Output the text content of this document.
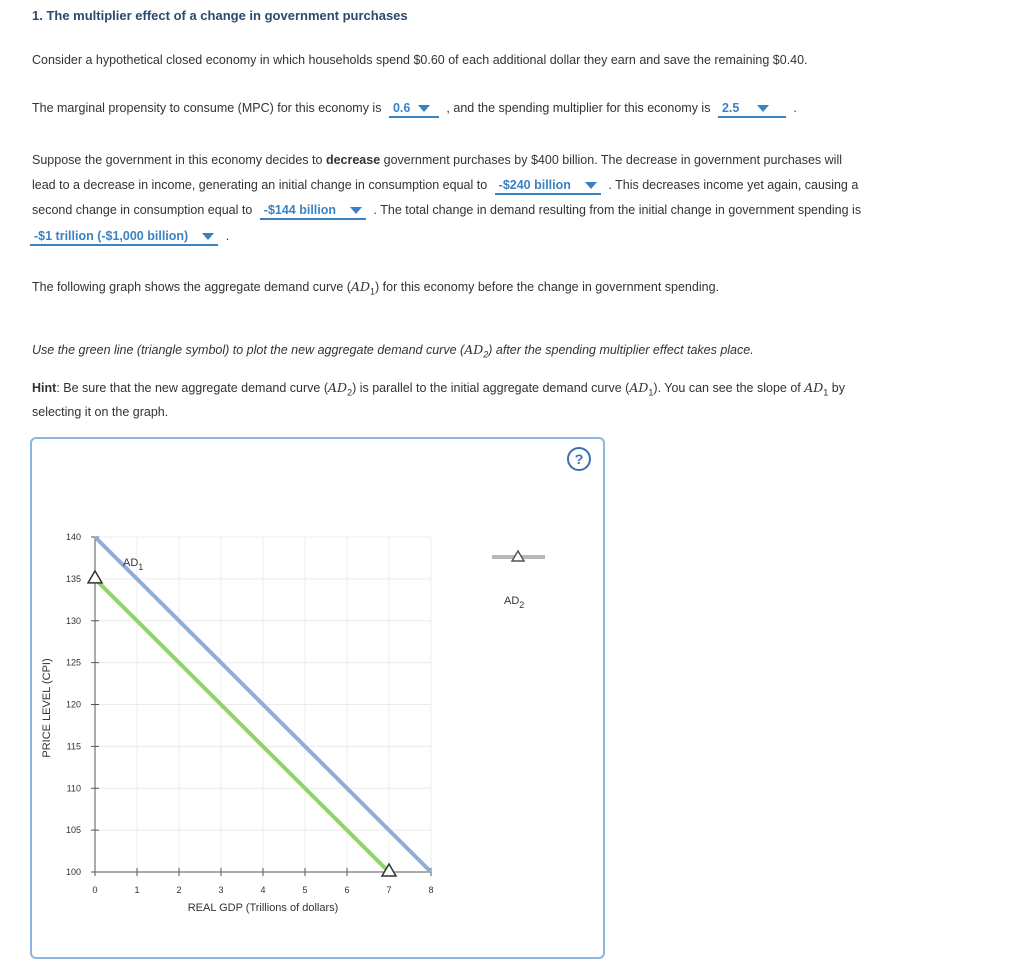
1. The multiplier effect of a change in government purchases
Consider a hypothetical closed economy in which households spend $0.60 of each additional dollar they earn and save the remaining $0.40.
The marginal propensity to consume (MPC) for this economy is 0.6	, and the spending multiplier for this economy is 2.5	.
Suppose the government in this economy decides to decrease government purchases by $400 billion. The decrease in government purchases will
lead to a decrease in income, generating an initial change in consumption equal to -$240 billion	. This decreases income yet again, causing a
second change in consumption equal to -$144 billion	. The total change in demand resulting from the initial change in government spending is
-$1 trillion (-$1,000 billion)	.
The following graph shows the aggregate demand curve $(AD_1)$ for this economy before the change in government spending.
Use the green line (triangle symbol) to plot the new aggregate demand curve $(AD_2)$ after the spending multiplier effect takes place.
Hint: Be sure that the new aggregate demand curve $(AD_2)$ is parallel to the initial aggregate demand curve $(AD_1)$. You can see the slope of $AD_1$ by
selecting it on the graph.
?
0	1	2	3	4	5	6	7	8
100
105
110
115
120
125
130
135
140
REAL GDP (Trillions of dollars)
PRICE LEVEL (CPI)
$AD_1$
$AD_2$
